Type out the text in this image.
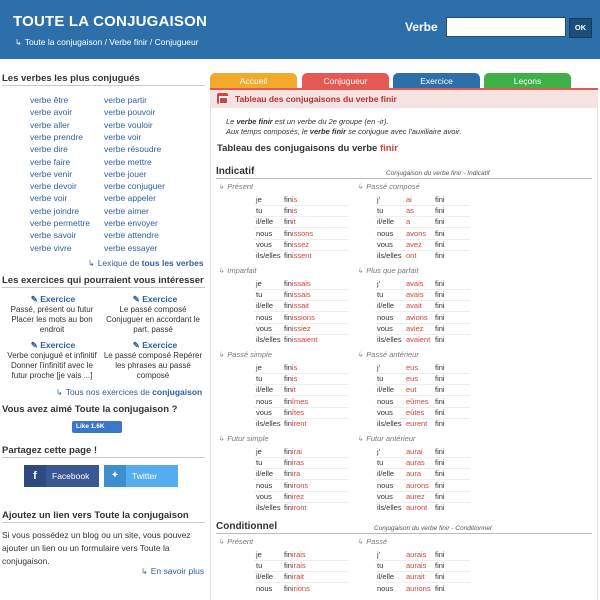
TOUTE LA CONJUGAISON
↳ Toute la conjugaison / Verbe finir / Conjugueur
Verbe	OK
Les verbes les plus conjugués
verbe être
verbe avoir
verbe aller
verbe prendre
verbe dire
verbe faire
verbe venir
verbe devoir
verbe voir
verbe joindre
verbe permettre
verbe savoir
verbe vivre
verbe partir
verbe pouvoir
verbe vouloir
verbe voir
verbe résoudre
verbe mettre
verbe jouer
verbe conjuguer
verbe appeler
verbe aimer
verbe envoyer
verbe attendre
verbe essayer
↳ Lexique de tous les verbes
Les exercices qui pourraient vous intéresser
✎ Exercice
Passé, présent ou futur Placer les mots au bon endroit
✎ Exercice
Le passé composé Conjuguer en accordant le part. passé
✎ Exercice
Verbe conjugué et infinitif Donner l'infinitif avec le futur proche [je vais ...]
✎ Exercice
Le passé composé Repérer les phrases au passé composé
↳ Tous nos exercices de conjugaison
Vous avez aimé Toute la conjugaison ?
Like 1.6K
Partagez cette page !
f	Facebook	✦	Twitter
Ajoutez un lien vers Toute la conjugaison
Si vous possédez un blog ou un site, vous pouvez ajouter un lien ou un formulaire vers Toute la conjugaison.
↳ En savoir plus
Accueil	Conjugueur	Exercice	Leçons
Tableau des conjugaisons du verbe finir
Le verbe finir est un verbe du 2e groupe (en -ir).
Aux temps composés, le verbe finir se conjugue avec l'auxiliaire avoir.
Tableau des conjugaisons du verbe finir
Indicatif	Conjugaison du verbe finir - Indicatif
Conditionnel	Conjugaison du verbe finir - Conditionnel
↳ Présent
je	finis
tu	finis
il/elle finit
nous finissons
vous finissez
ils/elles finissent
↳ Passé composé
j'	ai	fini
tu	as	fini
il/elle a	fini
nous avons fini
vous avez fini
ils/elles ont fini
↳ Imparfait
je	finissais
tu	finissais
il/elle finissait
nous finissions
vous finissiez
ils/elles finissaient
↳ Plus que parfait
j'	avais fini
tu	avais fini
il/elle avait fini
nous avions fini
vous aviez fini
ils/elles avaient fini
↳ Passé simple
je	finis
tu	finis
il/elle finit
nous finîmes
vous finîtes
ils/elles finirent
↳ Passé antérieur
j'	eus fini
tu	eus fini
il/elle eut fini
nous eûmes fini
vous eûtes fini
ils/elles eurent fini
↳ Futur simple
je	finirai
tu	finiras
il/elle finira
nous finirons
vous finirez
ils/elles finiront
↳ Futur antérieur
j'	aurai fini
tu	auras fini
il/elle aura fini
nous aurons fini
vous aurez fini
ils/elles auront fini
↳ Présent
je	finirais
tu	finirais
il/elle finirait
nous finirions
↳ Passé
j'	aurais fini
tu	aurais fini
il/elle aurait fini
nous aurions fini
